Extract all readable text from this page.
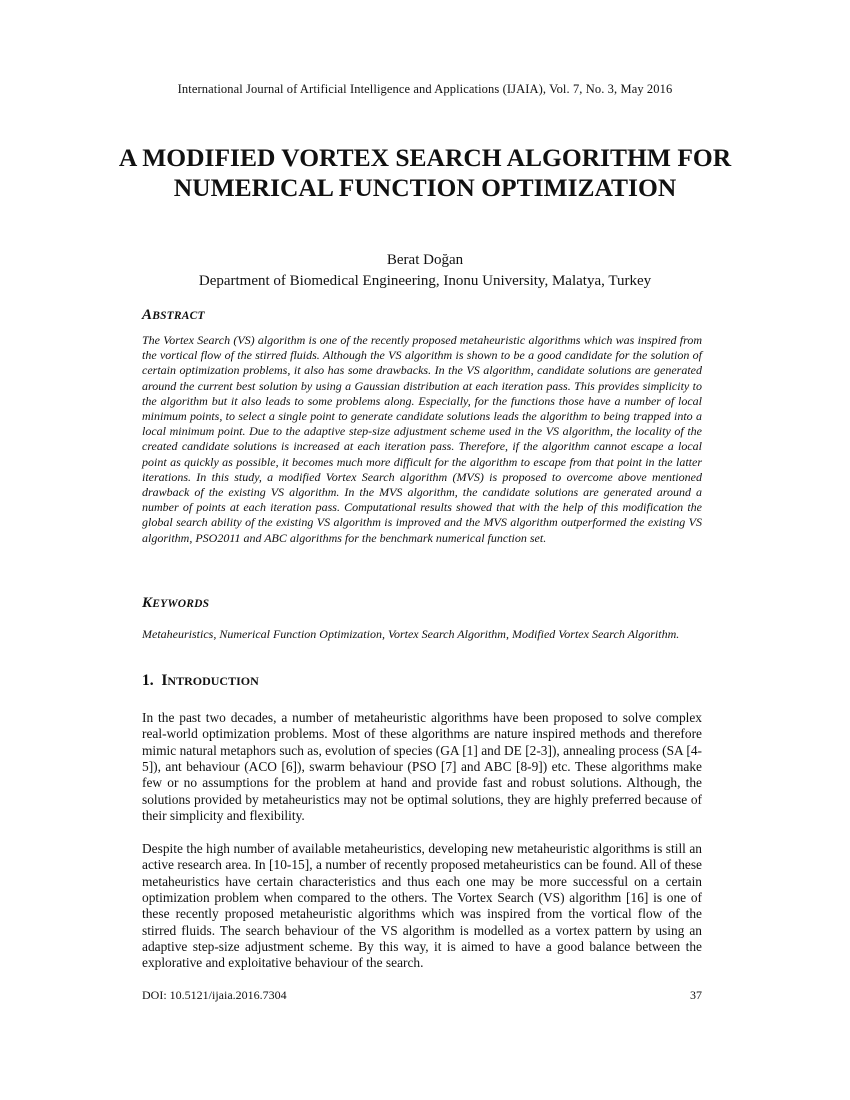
International Journal of Artificial Intelligence and Applications (IJAIA), Vol. 7, No. 3, May 2016
A MODIFIED VORTEX SEARCH ALGORITHM FOR NUMERICAL FUNCTION OPTIMIZATION
Berat Doğan
Department of Biomedical Engineering, Inonu University, Malatya, Turkey
ABSTRACT

The Vortex Search (VS) algorithm is one of the recently proposed metaheuristic algorithms which was inspired from the vortical flow of the stirred fluids. Although the VS algorithm is shown to be a good candidate for the solution of certain optimization problems, it also has some drawbacks. In the VS algorithm, candidate solutions are generated around the current best solution by using a Gaussian distribution at each iteration pass. This provides simplicity to the algorithm but it also leads to some problems along. Especially, for the functions those have a number of local minimum points, to select a single point to generate candidate solutions leads the algorithm to being trapped into a local minimum point. Due to the adaptive step-size adjustment scheme used in the VS algorithm, the locality of the created candidate solutions is increased at each iteration pass. Therefore, if the algorithm cannot escape a local point as quickly as possible, it becomes much more difficult for the algorithm to escape from that point in the latter iterations. In this study, a modified Vortex Search algorithm (MVS) is proposed to overcome above mentioned drawback of the existing VS algorithm. In the MVS algorithm, the candidate solutions are generated around a number of points at each iteration pass. Computational results showed that with the help of this modification the global search ability of the existing VS algorithm is improved and the MVS algorithm outperformed the existing VS algorithm, PSO2011 and ABC algorithms for the benchmark numerical function set.

KEYWORDS

Metaheuristics, Numerical Function Optimization, Vortex Search Algorithm, Modified Vortex Search Algorithm.

1. INTRODUCTION

In the past two decades, a number of metaheuristic algorithms have been proposed to solve complex real-world optimization problems. Most of these algorithms are nature inspired methods and therefore mimic natural metaphors such as, evolution of species (GA [1] and DE [2-3]), annealing process (SA [4-5]), ant behaviour (ACO [6]), swarm behaviour (PSO [7] and ABC [8-9]) etc. These algorithms make few or no assumptions for the problem at hand and provide fast and robust solutions. Although, the solutions provided by metaheuristics may not be optimal solutions, they are highly preferred because of their simplicity and flexibility.

Despite the high number of available metaheuristics, developing new metaheuristic algorithms is still an active research area. In [10-15], a number of recently proposed metaheuristics can be found. All of these metaheuristics have certain characteristics and thus each one may be more successful on a certain optimization problem when compared to the others. The Vortex Search (VS) algorithm [16] is one of these recently proposed metaheuristic algorithms which was inspired from the vortical flow of the stirred fluids. The search behaviour of the VS algorithm is modelled as a vortex pattern by using an adaptive step-size adjustment scheme. By this way, it is aimed to have a good balance between the explorative and exploitative behaviour of the search.

DOI: 10.5121/ijaia.2016.7304	37
